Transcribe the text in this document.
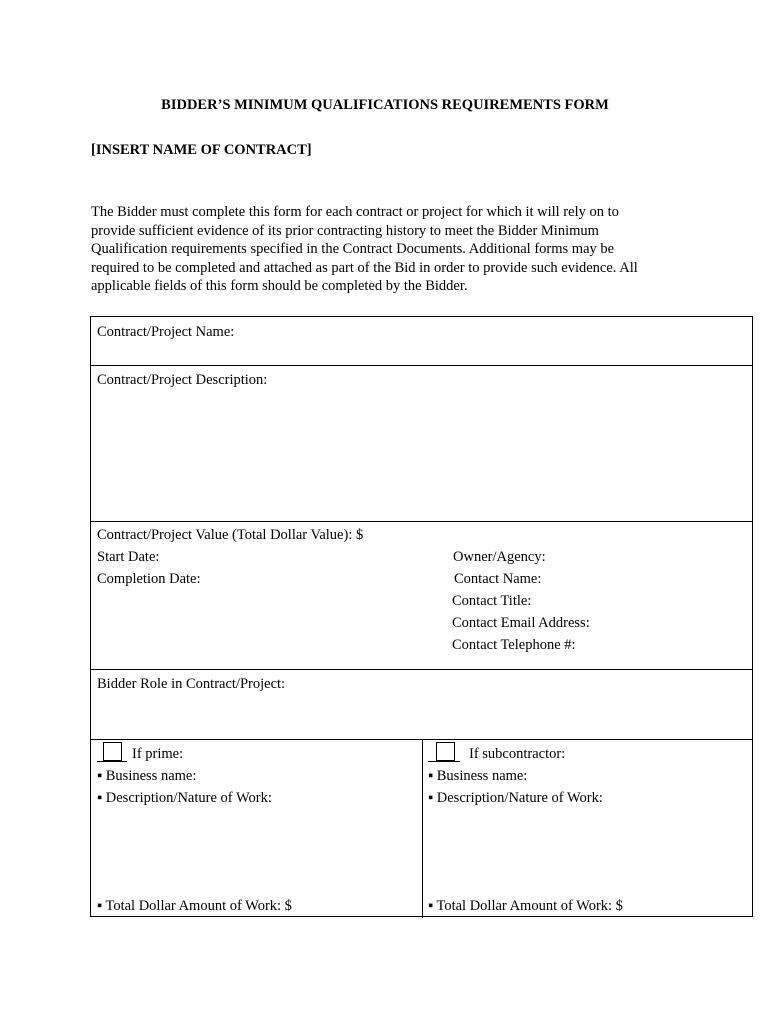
BIDDER’S MINIMUM QUALIFICATIONS REQUIREMENTS FORM
[INSERT NAME OF CONTRACT]
The Bidder must complete this form for each contract or project for which it will rely on to
provide sufficient evidence of its prior contracting history to meet the Bidder Minimum
Qualification requirements specified in the Contract Documents. Additional forms may be
required to be completed and attached as part of the Bid in order to provide such evidence. All
applicable fields of this form should be completed by the Bidder.
Contract/Project Name:
Contract/Project Description:
Contract/Project Value (Total Dollar Value): $
Start Date:
Completion Date:
Owner/Agency:
Contact Name:
Contact Title:
Contact Email Address:
Contact Telephone #:
Bidder Role in Contract/Project:
If prime:
▪ Business name:
▪ Description/Nature of Work:
▪ Total Dollar Amount of Work: $
If subcontractor:
▪ Business name:
▪ Description/Nature of Work:
▪ Total Dollar Amount of Work: $
